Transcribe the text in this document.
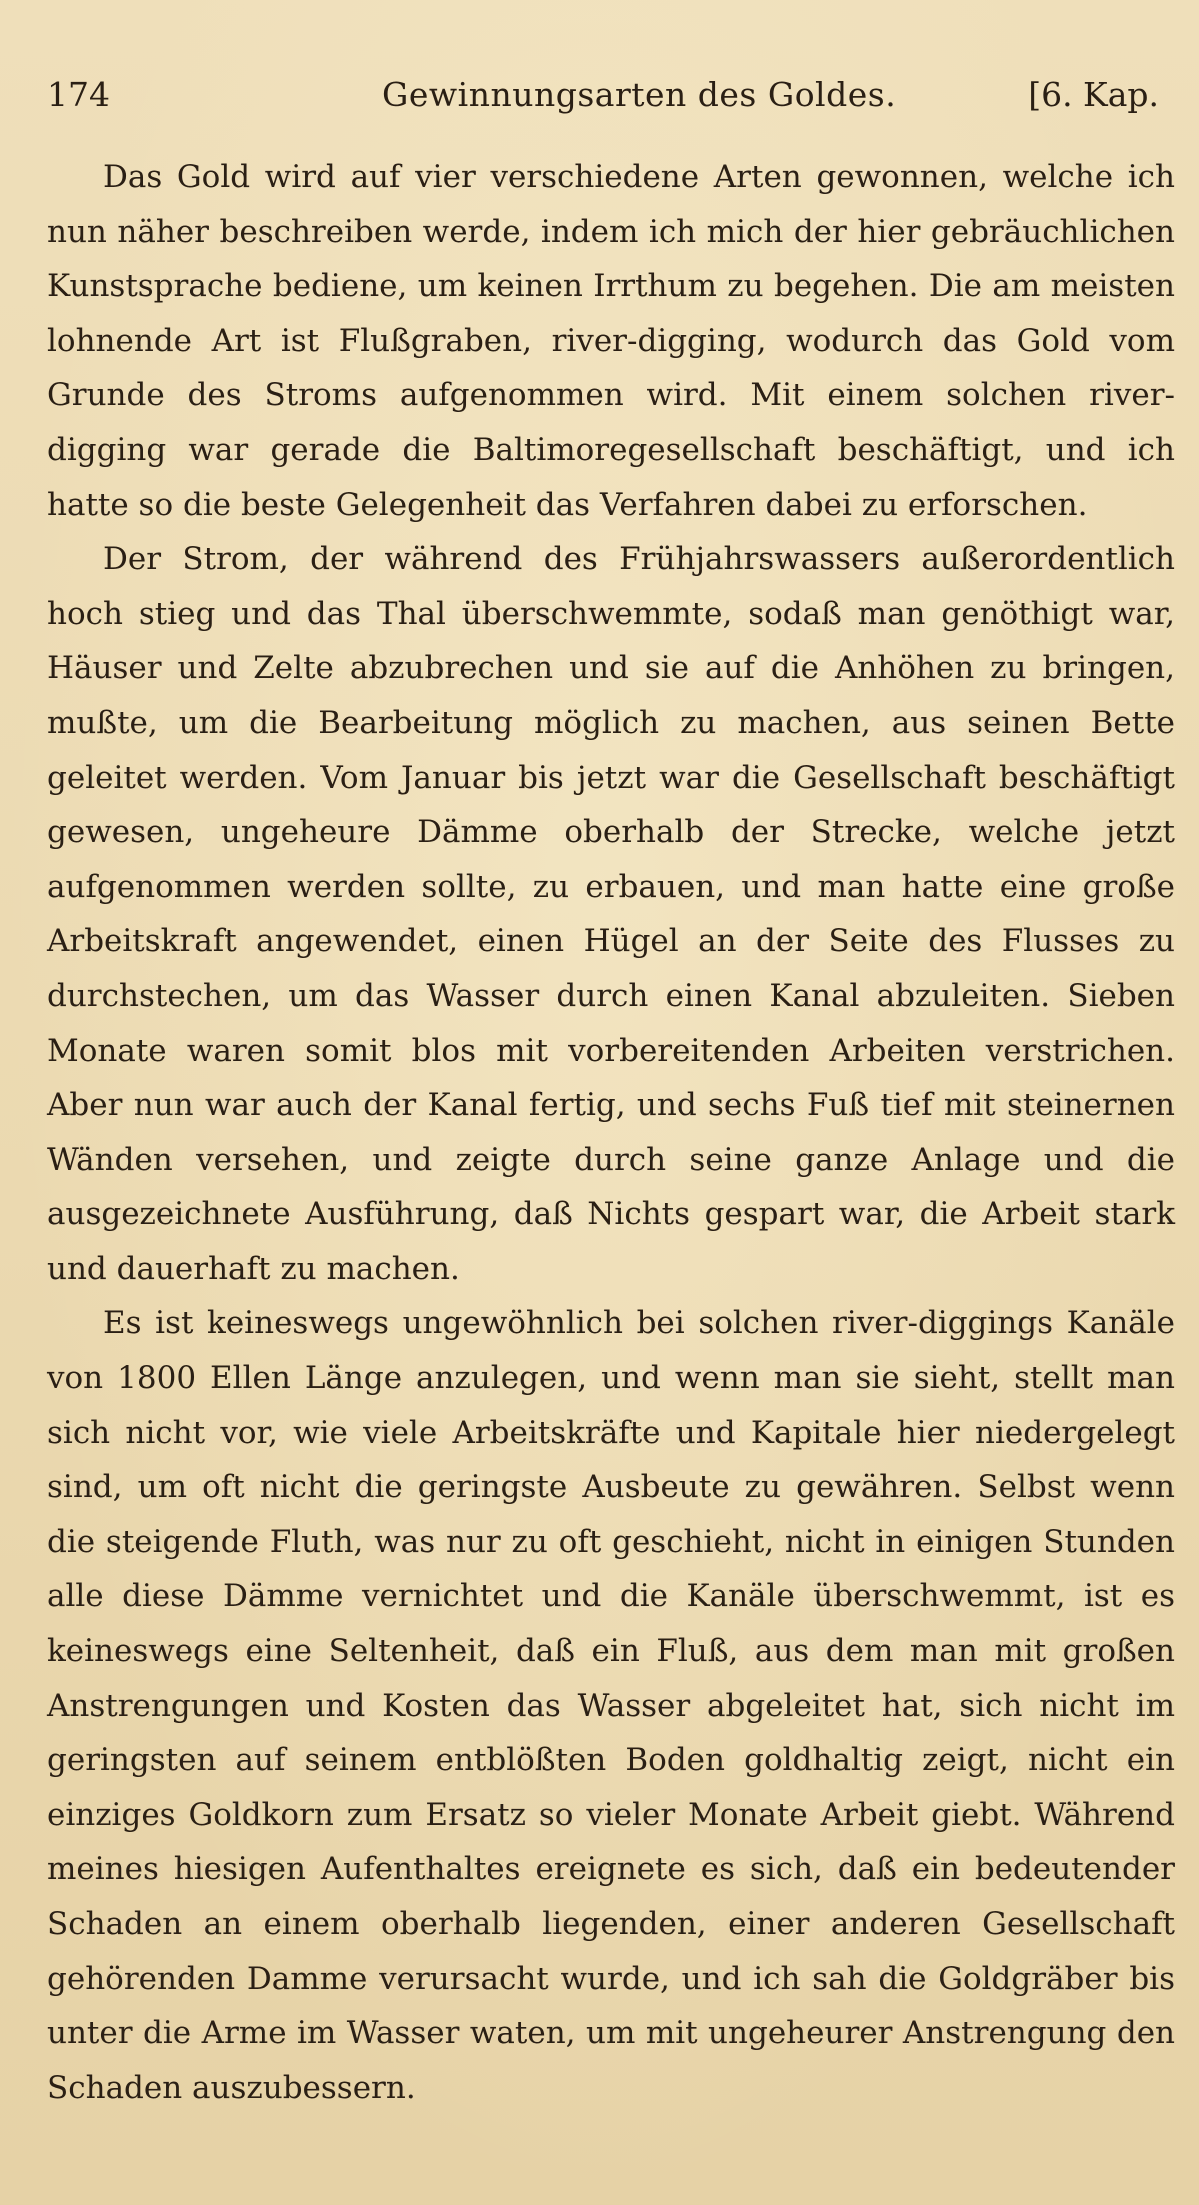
174	Gewinnungsarten des Goldes.	[6. Kap.

Das Gold wird auf vier verschiedene Arten gewonnen, welche ich nun näher beschreiben werde, indem ich mich der hier gebräuchlichen Kunstsprache bediene, um keinen Irrthum zu begehen. Die am meisten lohnende Art ist Flußgraben, river-digging, wodurch das Gold vom Grunde des Stroms aufgenommen wird. Mit einem solchen river-digging war gerade die Baltimoregesellschaft beschäftigt, und ich hatte so die beste Gelegenheit das Verfahren dabei zu erforschen.

Der Strom, der während des Frühjahrswassers außerordentlich hoch stieg und das Thal überschwemmte, sodaß man genöthigt war, Häuser und Zelte abzubrechen und sie auf die Anhöhen zu bringen, mußte, um die Bearbeitung möglich zu machen, aus seinen Bette geleitet werden. Vom Januar bis jetzt war die Gesellschaft beschäftigt gewesen, ungeheure Dämme oberhalb der Strecke, welche jetzt aufgenommen werden sollte, zu erbauen, und man hatte eine große Arbeitskraft angewendet, einen Hügel an der Seite des Flusses zu durchstechen, um das Wasser durch einen Kanal abzuleiten. Sieben Monate waren somit blos mit vorbereitenden Arbeiten verstrichen. Aber nun war auch der Kanal fertig, und sechs Fuß tief mit steinernen Wänden versehen, und zeigte durch seine ganze Anlage und die ausgezeichnete Ausführung, daß Nichts gespart war, die Arbeit stark und dauerhaft zu machen.

Es ist keineswegs ungewöhnlich bei solchen river-diggings Kanäle von 1800 Ellen Länge anzulegen, und wenn man sie sieht, stellt man sich nicht vor, wie viele Arbeitskräfte und Kapitale hier niedergelegt sind, um oft nicht die geringste Ausbeute zu gewähren. Selbst wenn die steigende Fluth, was nur zu oft geschieht, nicht in einigen Stunden alle diese Dämme vernichtet und die Kanäle überschwemmt, ist es keineswegs eine Seltenheit, daß ein Fluß, aus dem man mit großen Anstrengungen und Kosten das Wasser abgeleitet hat, sich nicht im geringsten auf seinem entblößten Boden goldhaltig zeigt, nicht ein einziges Goldkorn zum Ersatz so vieler Monate Arbeit giebt. Während meines hiesigen Aufenthaltes ereignete es sich, daß ein bedeutender Schaden an einem oberhalb liegenden, einer anderen Gesellschaft gehörenden Damme verursacht wurde, und ich sah die Goldgräber bis unter die Arme im Wasser waten, um mit ungeheurer Anstrengung den Schaden auszubessern.
